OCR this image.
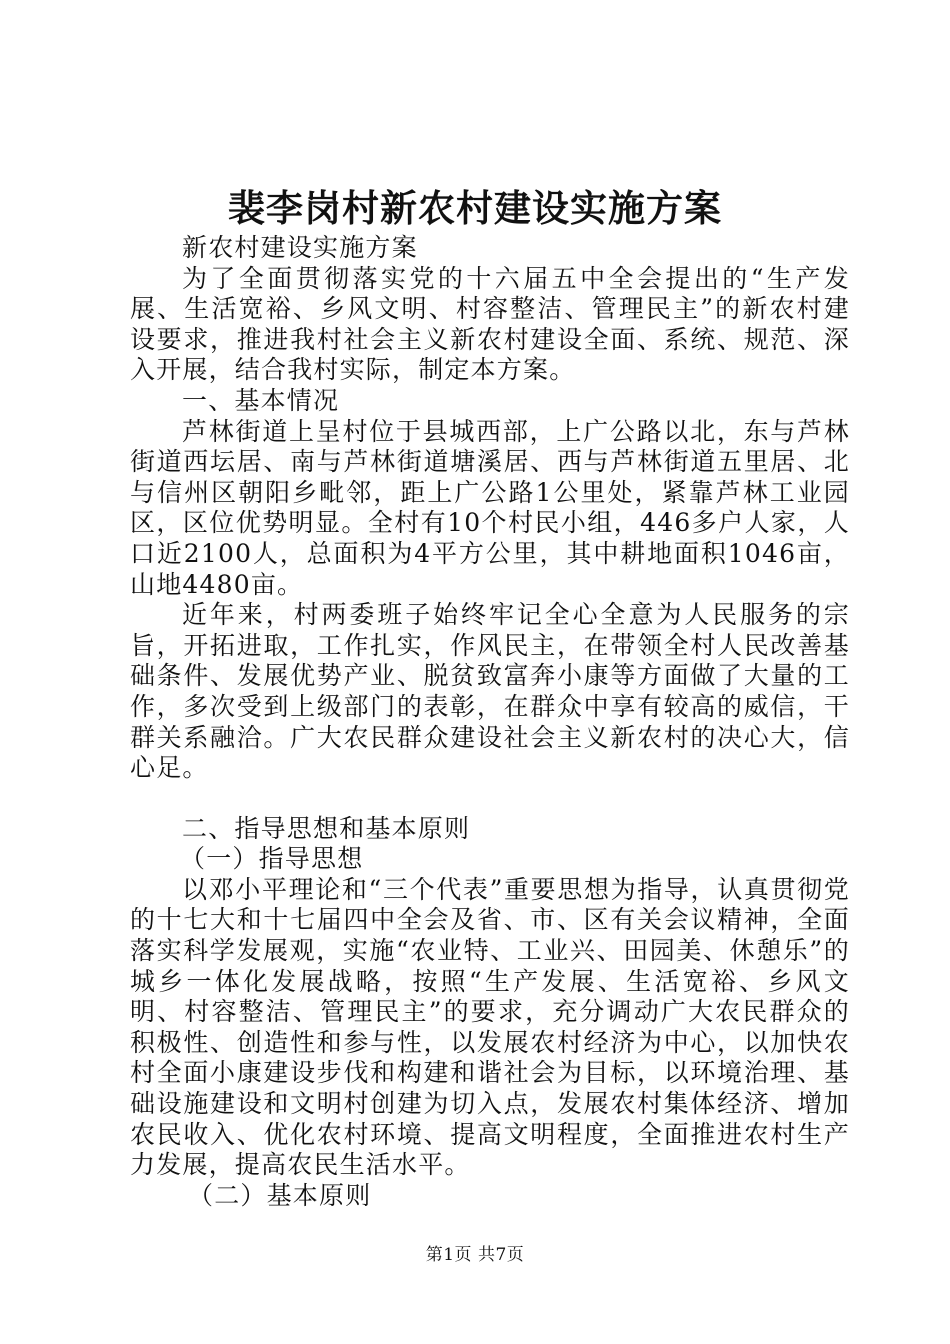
裴李岗村新农村建设实施方案

新农村建设实施方案

为了全面贯彻落实党的十六届五中全会提出的“生产发展、生活宽裕、乡风文明、村容整洁、管理民主”的新农村建设要求，推进我村社会主义新农村建设全面、系统、规范、深入开展，结合我村实际，制定本方案。

一、基本情况

芦林街道上呈村位于县城西部，上广公路以北，东与芦林街道西坛居、南与芦林街道塘溪居、西与芦林街道五里居、北与信州区朝阳乡毗邻，距上广公路1公里处，紧靠芦林工业园区，区位优势明显。全村有10个村民小组，446多户人家，人口近2100人，总面积为4平方公里，其中耕地面积1046亩，山地4480亩。

近年来，村两委班子始终牢记全心全意为人民服务的宗旨，开拓进取，工作扎实，作风民主，在带领全村人民改善基础条件、发展优势产业、脱贫致富奔小康等方面做了大量的工作，多次受到上级部门的表彰，在群众中享有较高的威信，干群关系融洽。广大农民群众建设社会主义新农村的决心大，信心足。

二、指导思想和基本原则

（一）指导思想

以邓小平理论和“三个代表”重要思想为指导，认真贯彻党的十七大和十七届四中全会及省、市、区有关会议精神，全面落实科学发展观，实施“农业特、工业兴、田园美、休憩乐”的城乡一体化发展战略，按照“生产发展、生活宽裕、乡风文明、村容整洁、管理民主”的要求，充分调动广大农民群众的积极性、创造性和参与性，以发展农村经济为中心，以加快农村全面小康建设步伐和构建和谐社会为目标，以环境治理、基础设施建设和文明村创建为切入点，发展农村集体经济、增加农民收入、优化农村环境、提高文明程度，全面推进农村生产力发展，提高农民生活水平。

（二）基本原则

第1页 共7页
